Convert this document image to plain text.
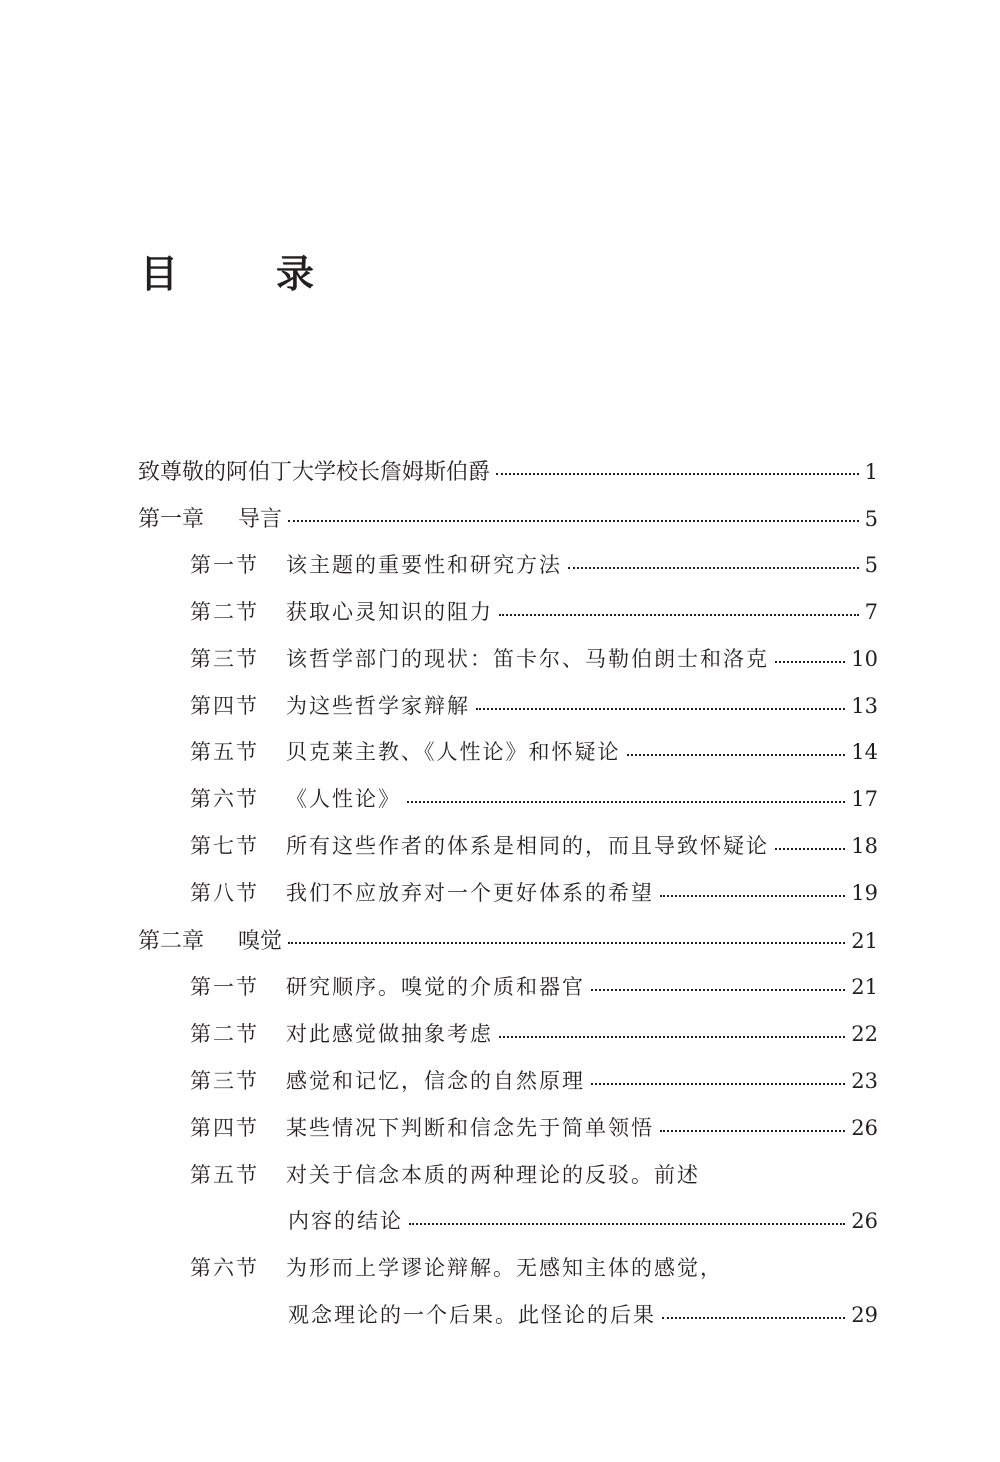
目　录
致尊敬的阿伯丁大学校长詹姆斯伯爵	1
第一章 导言	5
第一节 该主题的重要性和研究方法	5
第二节 获取心灵知识的阻力	7
第三节 该哲学部门的现状：笛卡尔、马勒伯朗士和洛克	10
第四节 为这些哲学家辩解	13
第五节 贝克莱主教、《人性论》和怀疑论	14
第六节 《人性论》	17
第七节 所有这些作者的体系是相同的，而且导致怀疑论	18
第八节 我们不应放弃对一个更好体系的希望	19
第二章 嗅觉	21
第一节 研究顺序。嗅觉的介质和器官	21
第二节 对此感觉做抽象考虑	22
第三节 感觉和记忆，信念的自然原理	23
第四节 某些情况下判断和信念先于简单领悟	26
第五节 对关于信念本质的两种理论的反驳。前述
内容的结论	26
第六节 为形而上学谬论辩解。无感知主体的感觉，
观念理论的一个后果。此怪论的后果	29
